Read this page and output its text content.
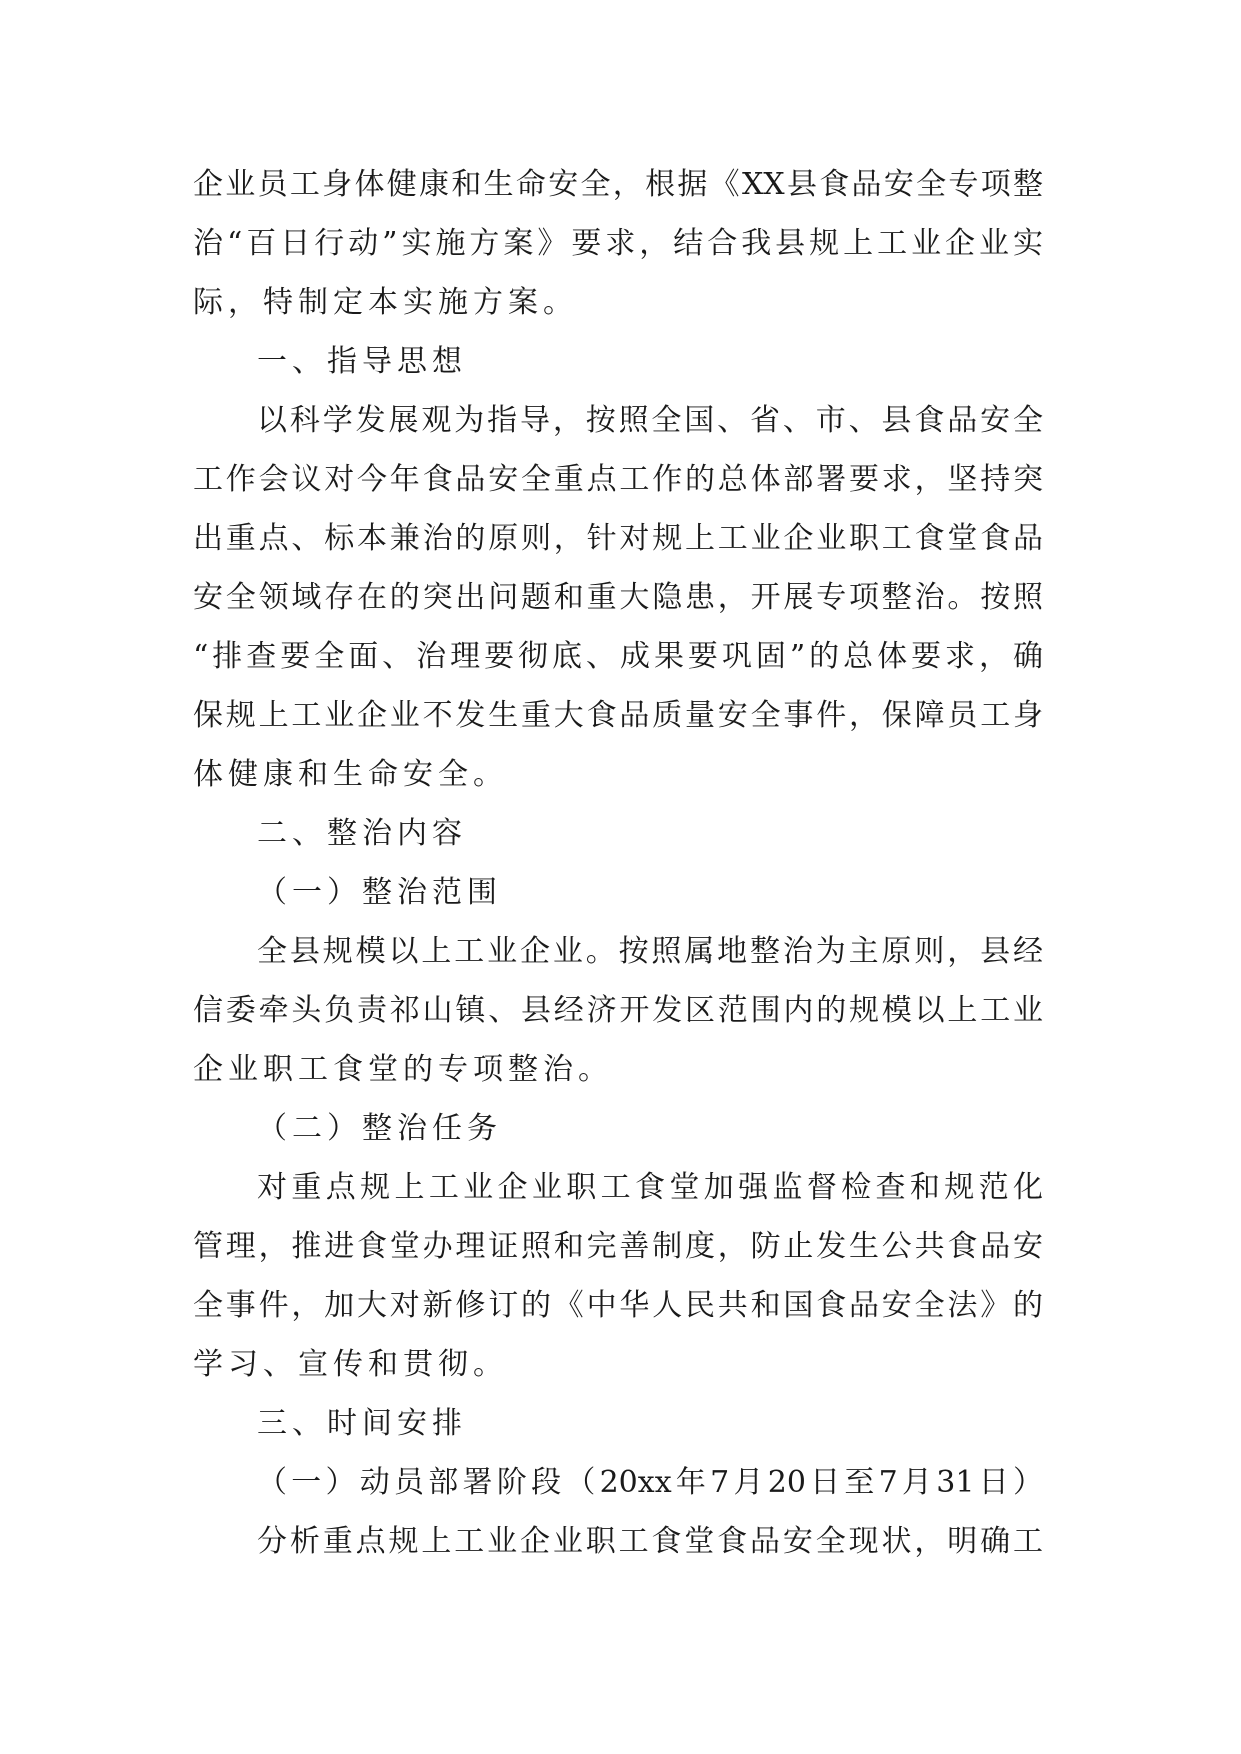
企业员工身体健康和生命安全，根据《XX县食品安全专项整
治“百日行动”实施方案》要求，结合我县规上工业企业实
际，特制定本实施方案。
一、指导思想
以科学发展观为指导，按照全国、省、市、县食品安全
工作会议对今年食品安全重点工作的总体部署要求，坚持突
出重点、标本兼治的原则，针对规上工业企业职工食堂食品
安全领域存在的突出问题和重大隐患，开展专项整治。按照
“排查要全面、治理要彻底、成果要巩固”的总体要求，确
保规上工业企业不发生重大食品质量安全事件，保障员工身
体健康和生命安全。
二、整治内容
（一）整治范围
全县规模以上工业企业。按照属地整治为主原则，县经
信委牵头负责祁山镇、县经济开发区范围内的规模以上工业
企业职工食堂的专项整治。
（二）整治任务
对重点规上工业企业职工食堂加强监督检查和规范化
管理，推进食堂办理证照和完善制度，防止发生公共食品安
全事件，加大对新修订的《中华人民共和国食品安全法》的
学习、宣传和贯彻。
三、时间安排
（一）动员部署阶段（20xx年7月20日至7月31日）
分析重点规上工业企业职工食堂食品安全现状，明确工
